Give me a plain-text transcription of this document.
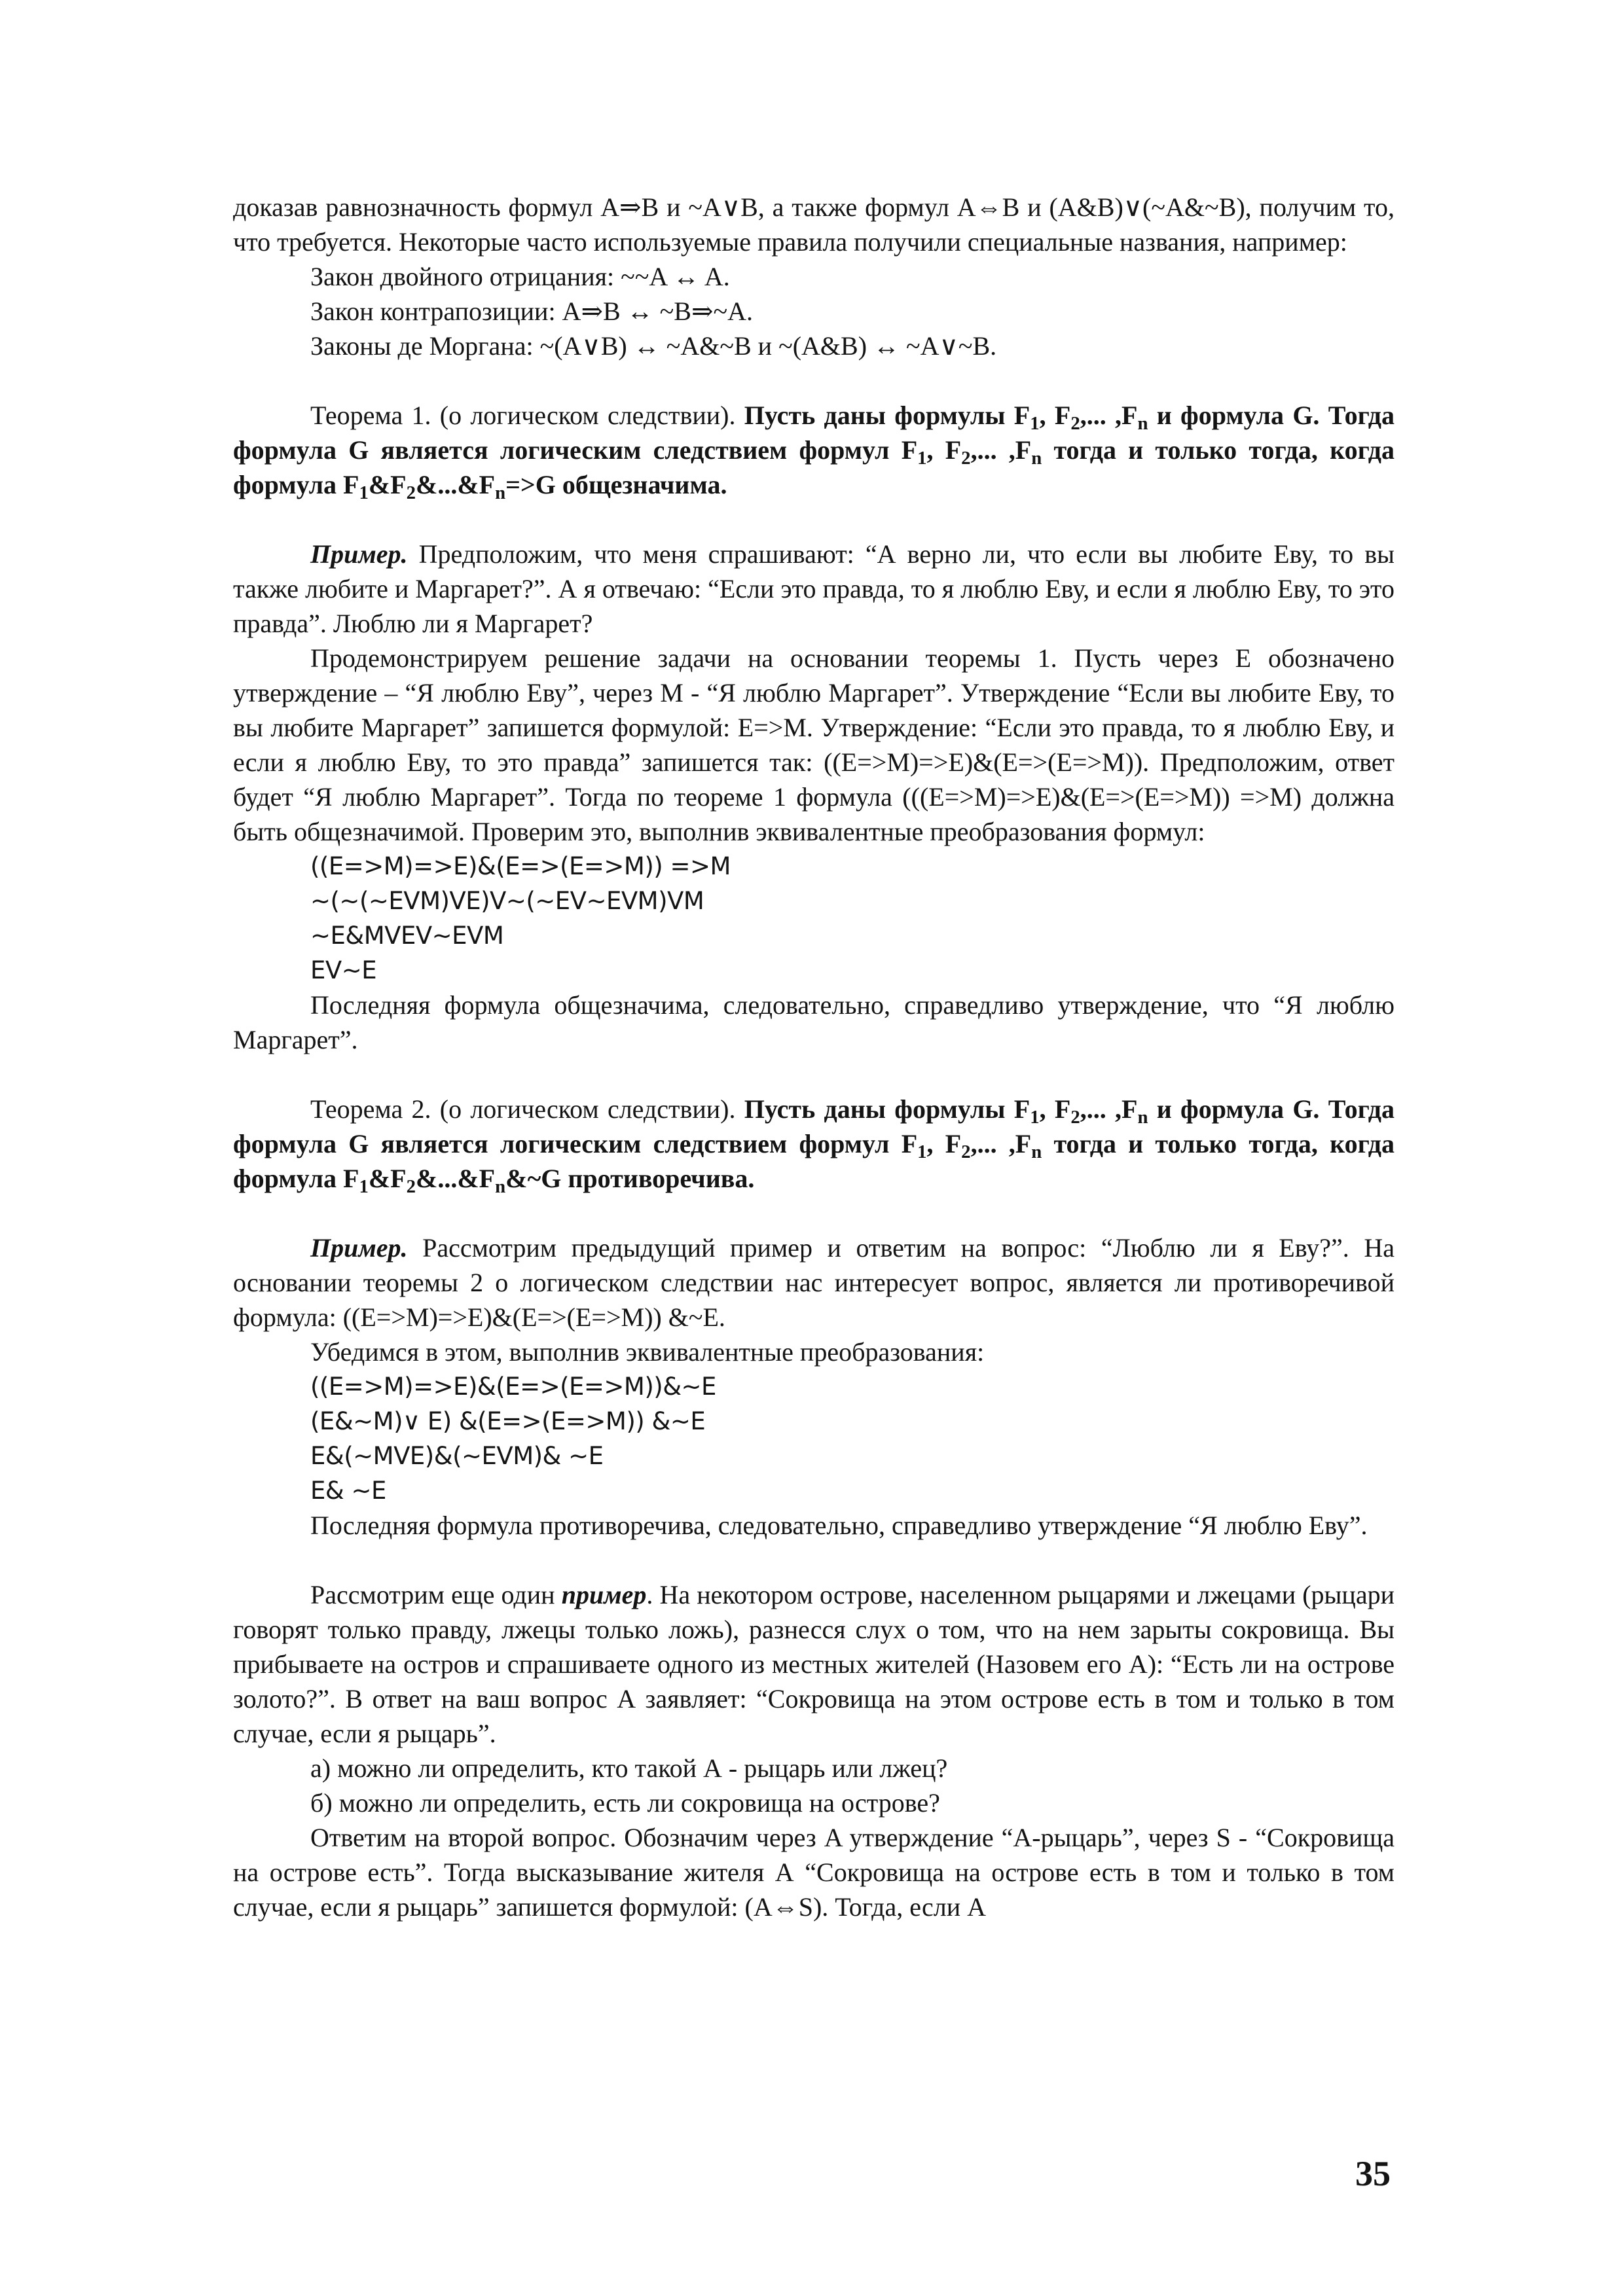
доказав равнозначность формул A⇒B и ~A∨B, а также формул A⇔B и (A&B)∨(~A&~B), получим то, что требуется. Некоторые часто используемые правила получили специальные названия, например:

Закон двойного отрицания: ~~A ↔ A.

Закон контрапозиции: A⇒B ↔ ~B⇒~A.

Законы де Моргана: ~(A∨B) ↔ ~A&~B и ~(A&B) ↔ ~A∨~B.

Теорема 1. (о логическом следствии). Пусть даны формулы $F_1$, $F_2$,... $,F_n$ и формула G. Тогда формула G является логическим следствием формул $F_1$, $F_2$,... $,F_n$ тогда и только тогда, когда формула $F_1\&F_2\&...\&F_n=>G$ общезначима.

Пример. Предположим, что меня спрашивают: “А верно ли, что если вы любите Еву, то вы также любите и Маргарет?”. А я отвечаю: “Если это правда, то я люблю Еву, и если я люблю Еву, то это правда”. Люблю ли я Маргарет?

Продемонстрируем решение задачи на основании теоремы 1. Пусть через E обозначено утверждение – “Я люблю Еву”, через M - “Я люблю Маргарет”. Утверждение “Если вы любите Еву, то вы любите Маргарет” запишется формулой: E=>M. Утверждение: “Если это правда, то я люблю Еву, и если я люблю Еву, то это правда” запишется так: ((E=>M)=>E)&(E=>(E=>M)). Предположим, ответ будет “Я люблю Маргарет”. Тогда по теореме 1 формула (((E=>M)=>E)&(E=>(E=>M)) =>M) должна быть общезначимой. Проверим это, выполнив эквивалентные преобразования формул:

((E=>M)=>E)&(E=>(E=>M)) =>M

~(~(~EVM)VE)V~(~EV~EVM)VM

~E&MVEV~EVM

EV~E

Последняя формула общезначима, следовательно, справедливо утверждение, что “Я люблю Маргарет”.

Теорема 2. (о логическом следствии). Пусть даны формулы $F_1$, $F_2$,... $,F_n$ и формула G. Тогда формула G является логическим следствием формул $F_1$, $F_2$,... $,F_n$ тогда и только тогда, когда формула $F_1\&F_2\&...\&F_n\&\sim G$ противоречива.

Пример. Рассмотрим предыдущий пример и ответим на вопрос: “Люблю ли я Еву?”. На основании теоремы 2 о логическом следствии нас интересует вопрос, является ли противоречивой формула: ((E=>M)=>E)&(E=>(E=>M)) &~E.

Убедимся в этом, выполнив эквивалентные преобразования:

((E=>M)=>E)&(E=>(E=>M))&~E

(E&~M)∨ E) &(E=>(E=>M)) &~E

E&(~MVE)&(~EVM)& ~E

E& ~E

Последняя формула противоречива, следовательно, справедливо утверждение “Я люблю Еву”.

Рассмотрим еще один пример. На некотором острове, населенном рыцарями и лжецами (рыцари говорят только правду, лжецы только ложь), разнесся слух о том, что на нем зарыты сокровища. Вы прибываете на остров и спрашиваете одного из местных жителей (Назовем его А): “Есть ли на острове золото?”. В ответ на ваш вопрос А заявляет: “Сокровища на этом острове есть в том и только в том случае, если я рыцарь”.

а) можно ли определить, кто такой А - рыцарь или лжец?

б) можно ли определить, есть ли сокровища на острове?

Ответим на второй вопрос. Обозначим через A утверждение “А-рыцарь”, через S - “Сокровища на острове есть”. Тогда высказывание жителя А “Сокровища на острове есть в том и только в том случае, если я рыцарь” запишется формулой: (A⇔S). Тогда, если А

35
